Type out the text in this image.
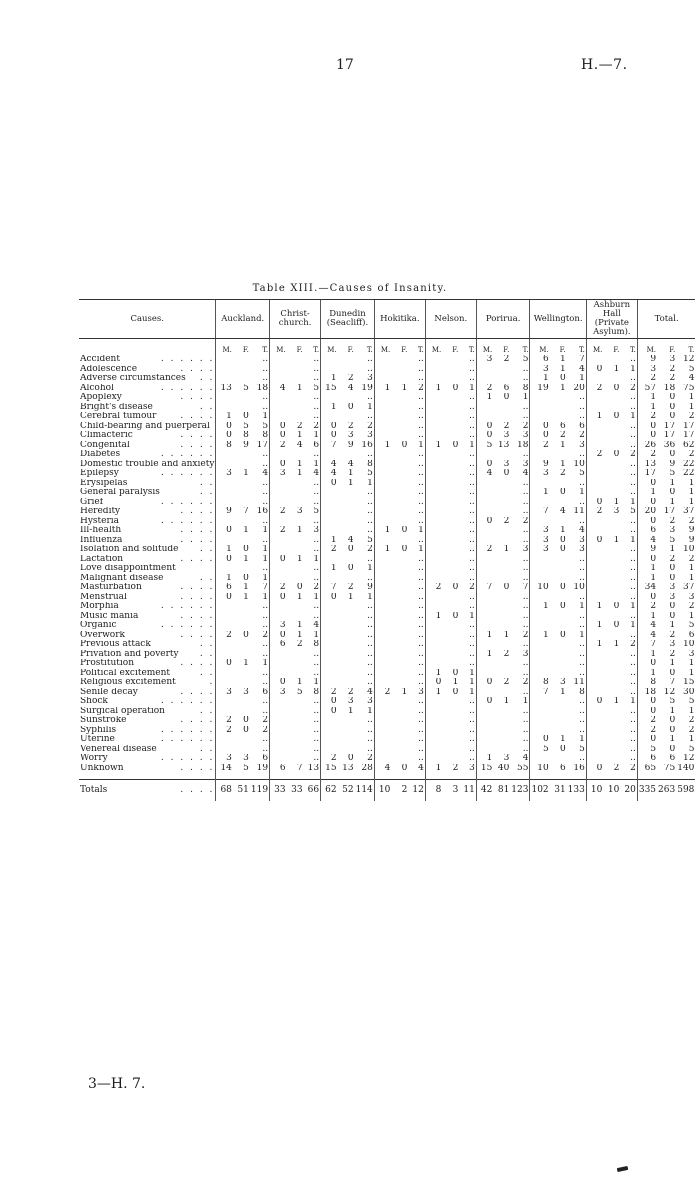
17	H.—7.
Table XIII.—Causes of Insanity.
Causes.	Auckland.			Christ-church.			Dunedin (Seacliff).			Hokitika.			Nelson.			Porirua.			Wellington.			Ashburn Hall (Private Asylum).			Total.		
	M.	F.	T.	M.	F.	T.	M.	F.	T.	M.	F.	T.	M.	F.	T.	M.	F.	T.	M.	F.	T.	M.	F.	T.	M.	F.	T.
Accident . . . . . .			..			..			..			..			..	3	2	5	6	1	7			..	9	3	12
Adolescence . . . .			..			..			..			..			..			..	3	1	4	0	1	1	3	2	5
Adverse circumstances . .			..			..	1	2	3			..			..			..	1	0	1			..	2	2	4
Alcohol . . . . . .	13	5	18	4	1	5	15	4	19	1	1	2	1	0	1	2	6	8	19	1	20	2	0	2	57	18	75
Apoplexy . . . .			..			..			..			..			..	1	0	1			..			..	1	0	1
Bright's disease . .			..			..	1	0	1			..			..			..			..			..	1	0	1
Cerebral tumour . . . .	1	0	1			..			..			..			..			..			..	1	0	1	2	0	2
Child-bearing and puerperal	0	5	5	0	2	2	0	2	2			..			..	0	2	2	0	6	6			..	0	17	17
Climacteric . . . .	0	8	8	0	1	1	0	3	3			..			..	0	3	3	0	2	2			..	0	17	17
Congenital . . . .	8	9	17	2	4	6	7	9	16	1	0	1	1	0	1	5	13	18	2	1	3			..	26	36	62
Diabetes . . . . . .			..			..			..			..			..			..			..	2	0	2	2	0	2
Domestic trouble and anxiety			..	0	1	1	4	4	8			..			..	0	3	3	9	1	10			..	13	9	22
Epilepsy . . . . . .	3	1	4	3	1	4	4	1	5			..			..	4	0	4	3	2	5			..	17	5	22
Erysipelas . .			..			..	0	1	1			..			..			..			..			..	0	1	1
General paralysis . .			..			..			..			..			..			..	1	0	1			..	1	0	1
Grief . . . . . .			..			..			..			..			..			..			..	0	1	1	0	1	1
Heredity . . . .	9	7	16	2	3	5			..			..			..			..	7	4	11	2	3	5	20	17	37
Hysteria . . . . . .			..			..			..			..			..	0	2	2			..			..	0	2	2
Ill-health . . . .	0	1	1	2	1	3			..	1	0	1			..			..	3	1	4			..	6	3	9
Influenza . . . .			..			..	1	4	5			..			..			..	3	0	3	0	1	1	4	5	9
Isolation and solitude . .	1	0	1			..	2	0	2	1	0	1			..	2	1	3	3	0	3			..	9	1	10
Lactation . . . .	0	1	1	0	1	1			..			..			..			..			..			..	0	2	2
Love disappointment			..			..	1	0	1			..			..			..			..			..	1	0	1
Malignant disease . .	1	0	1			..			..			..			..			..			..			..	1	0	1
Masturbation . . . .	6	1	7	2	0	2	7	2	9			..	2	0	2	7	0	7	10	0	10			..	34	3	37
Menstrual . . . .	0	1	1	0	1	1	0	1	1			..			..			..			..			..	0	3	3
Morphia . . . . . .			..			..			..			..			..			..	1	0	1	1	0	1	2	0	2
Music mania . . . .			..			..			..			..	1	0	1			..			..			..	1	0	1
Organic . . . . . .			..	3	1	4			..			..			..			..			..	1	0	1	4	1	5
Overwork . . . .	2	0	2	0	1	1			..			..			..	1	1	2	1	0	1			..	4	2	6
Previous attack . .			..	6	2	8			..			..			..			..			..	1	1	2	7	3	10
Privation and poverty . .			..			..			..			..			..	1	2	3			..			..	1	2	3
Prostitution . . . .	0	1	1			..			..			..			..			..			..			..	0	1	1
Political excitement . .			..			..			..			..	1	0	1			..			..			..	1	0	1
Religious excitement .			..	0	1	1			..			..	0	1	1	0	2	2	8	3	11			..	8	7	15
Senile decay . . . .	3	3	6	3	5	8	2	2	4	2	1	3	1	0	1			..	7	1	8			..	18	12	30
Shock . . . . . .			..			..	0	3	3			..			..	0	1	1			..	0	1	1	0	5	5
Surgical operation . .			..			..	0	1	1			..			..			..			..			..	0	1	1
Sunstroke . . . .	2	0	2			..			..			..			..			..			..			..	2	0	2
Syphilis . . . . . .	2	0	2			..			..			..			..			..			..			..	2	0	2
Uterine . . . . . .			..			..			..			..			..			..	0	1	1			..	0	1	1
Venereal disease . .			..			..			..			..			..			..	5	0	5			..	5	0	5
Worry . . . . . .	3	3	6			..	2	0	2			..			..	1	3	4			..			..	6	6	12
Unknown . . . .	14	5	19	6	7	13	15	13	28	4	0	4	1	2	3	15	40	55	10	6	16	0	2	2	65	75	140

Totals . . . .	68	51	119	33	33	66	62	52	114	10	2	12	8	3	11	42	81	123	102	31	133	10	10	20	335	263	598
3—H. 7.
